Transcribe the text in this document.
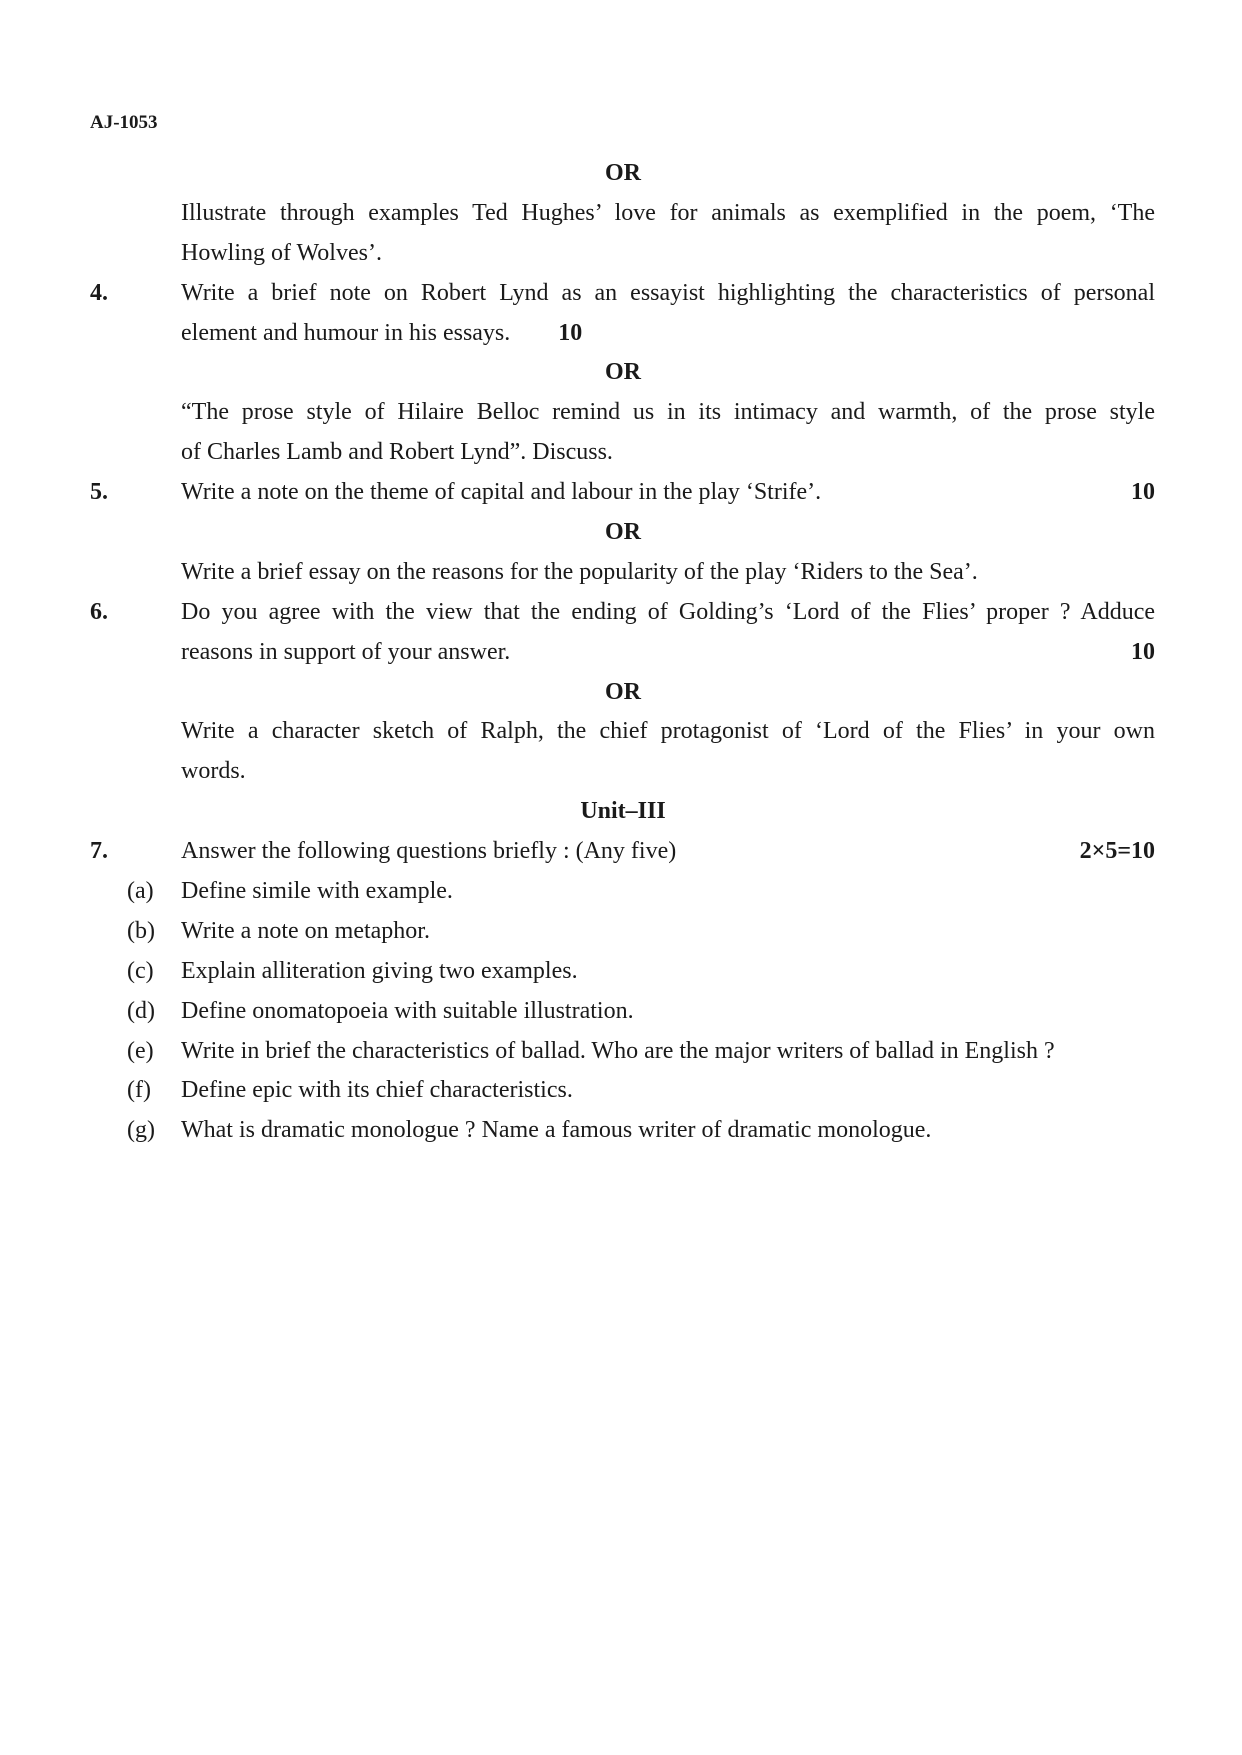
AJ-1053
OR
Illustrate through examples Ted Hughes’ love for animals as exemplified in the poem, ‘The
Howling of Wolves’.
4.	Write a brief note on Robert Lynd as an essayist highlighting the characteristics of personal
element and humour in his essays. 10
OR
“The prose style of Hilaire Belloc remind us in its intimacy and warmth, of the prose style
of Charles Lamb and Robert Lynd”. Discuss.
5.	Write a note on the theme of capital and labour in the play ‘Strife’.	10
OR
Write a brief essay on the reasons for the popularity of the play ‘Riders to the Sea’.
6.	Do you agree with the view that the ending of Golding’s ‘Lord of the Flies’ proper ? Adduce
reasons in support of your answer.	10
OR
Write a character sketch of Ralph, the chief protagonist of ‘Lord of the Flies’ in your own
words.
Unit–III
7.	Answer the following questions briefly : (Any five)	2×5=10
(a) Define simile with example.
(b) Write a note on metaphor.
(c) Explain alliteration giving two examples.
(d) Define onomatopoeia with suitable illustration.
(e) Write in brief the characteristics of ballad. Who are the major writers of ballad in English ?
(f) Define epic with its chief characteristics.
(g) What is dramatic monologue ? Name a famous writer of dramatic monologue.
